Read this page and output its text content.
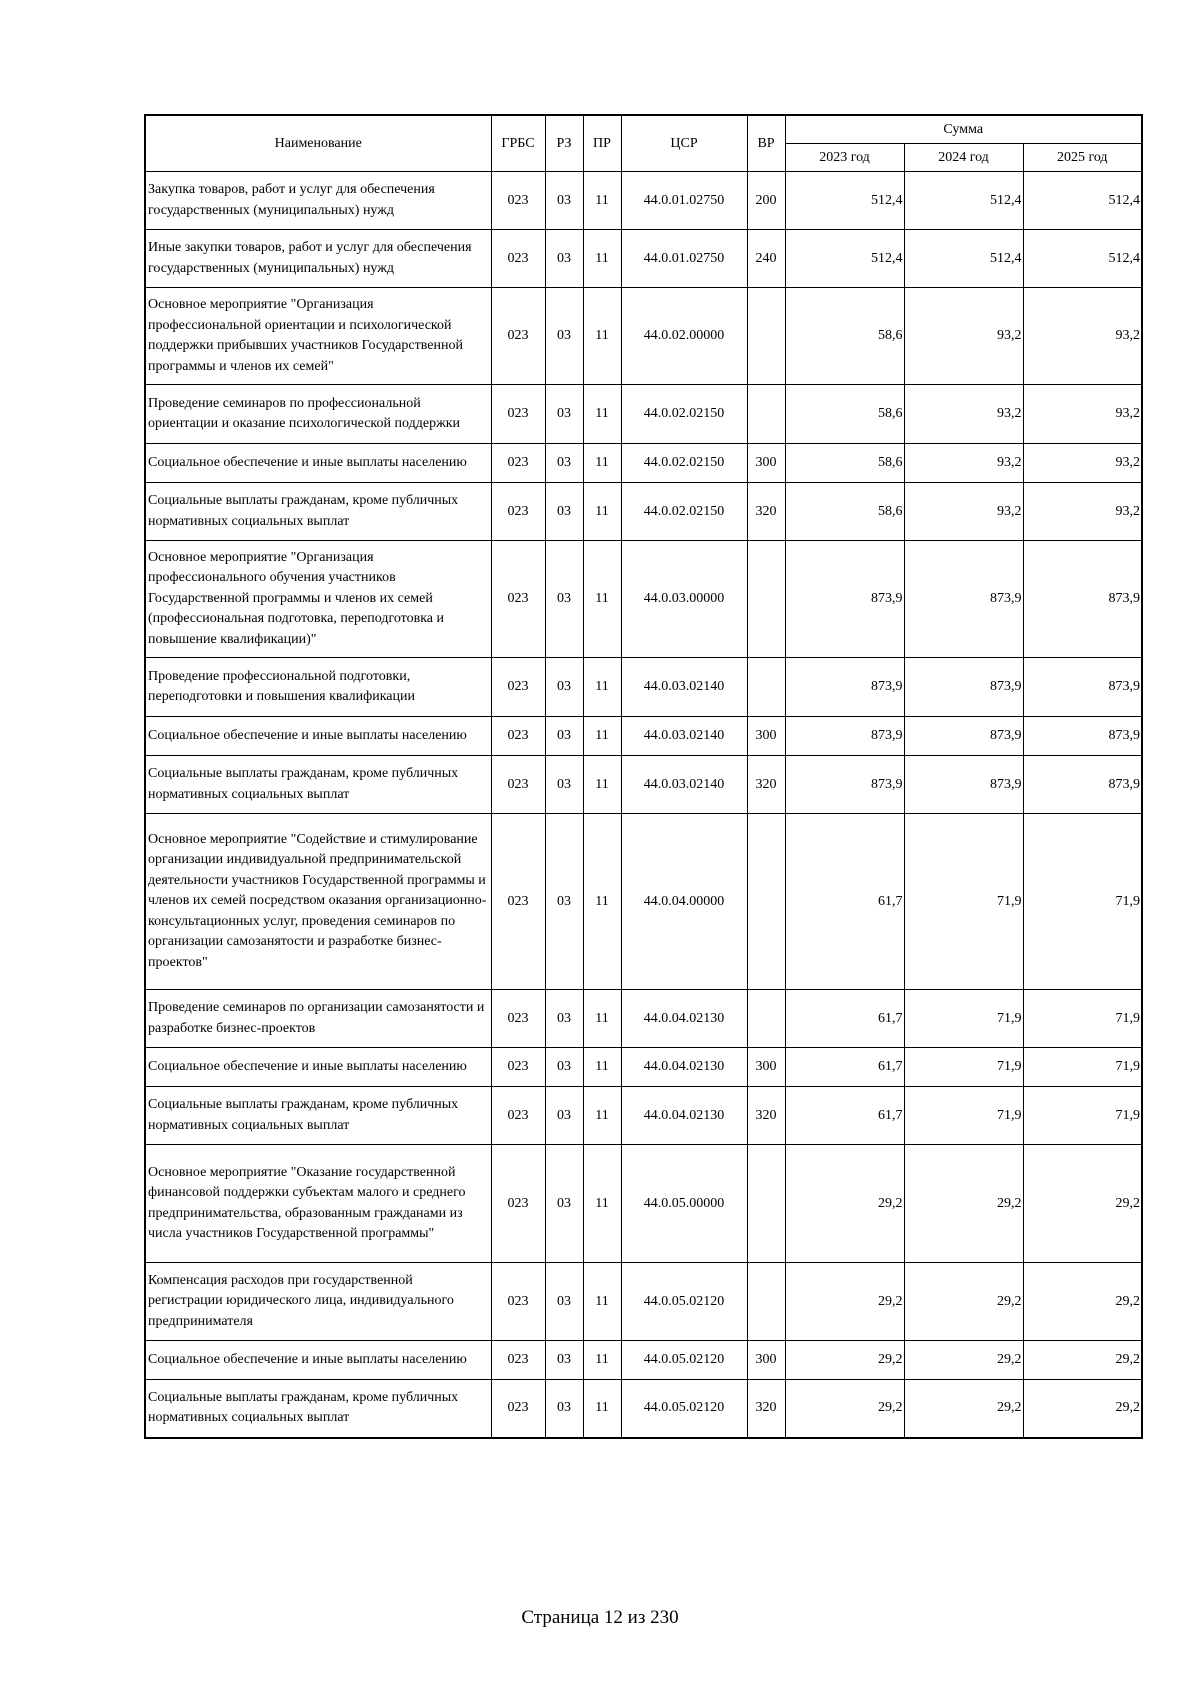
Наименование	ГРБС	РЗ	ПР	ЦСР	ВР	Сумма		
						2023 год	2024 год	2025 год
Закупка товаров, работ и услуг для обеспечения государственных (муниципальных) нужд	023	03	11	44.0.01.02750	200	512,4	512,4	512,4
Иные закупки товаров, работ и услуг для обеспечения государственных (муниципальных) нужд	023	03	11	44.0.01.02750	240	512,4	512,4	512,4
Основное мероприятие "Организация профессиональной ориентации и психологической поддержки прибывших участников Государственной программы и членов их семей"	023	03	11	44.0.02.00000		58,6	93,2	93,2
Проведение семинаров по профессиональной ориентации и оказание психологической поддержки	023	03	11	44.0.02.02150		58,6	93,2	93,2
Социальное обеспечение и иные выплаты населению	023	03	11	44.0.02.02150	300	58,6	93,2	93,2
Социальные выплаты гражданам, кроме публичных нормативных социальных выплат	023	03	11	44.0.02.02150	320	58,6	93,2	93,2
Основное мероприятие "Организация профессионального обучения участников Государственной программы и членов их семей (профессиональная подготовка, переподготовка и повышение квалификации)"	023	03	11	44.0.03.00000		873,9	873,9	873,9
Проведение профессиональной подготовки, переподготовки и повышения квалификации	023	03	11	44.0.03.02140		873,9	873,9	873,9
Социальное обеспечение и иные выплаты населению	023	03	11	44.0.03.02140	300	873,9	873,9	873,9
Социальные выплаты гражданам, кроме публичных нормативных социальных выплат	023	03	11	44.0.03.02140	320	873,9	873,9	873,9
Основное мероприятие "Содействие и стимулирование организации индивидуальной предпринимательской деятельности участников Государственной программы и членов их семей посредством оказания организационно-консультационных услуг, проведения семинаров по организации самозанятости и разработке бизнес-проектов"	023	03	11	44.0.04.00000		61,7	71,9	71,9
Проведение семинаров по организации самозанятости и разработке бизнес-проектов	023	03	11	44.0.04.02130		61,7	71,9	71,9
Социальное обеспечение и иные выплаты населению	023	03	11	44.0.04.02130	300	61,7	71,9	71,9
Социальные выплаты гражданам, кроме публичных нормативных социальных выплат	023	03	11	44.0.04.02130	320	61,7	71,9	71,9
Основное мероприятие "Оказание государственной финансовой поддержки субъектам малого и среднего предпринимательства, образованным гражданами из числа участников Государственной программы"	023	03	11	44.0.05.00000		29,2	29,2	29,2
Компенсация расходов при государственной регистрации юридического лица, индивидуального предпринимателя	023	03	11	44.0.05.02120		29,2	29,2	29,2
Социальное обеспечение и иные выплаты населению	023	03	11	44.0.05.02120	300	29,2	29,2	29,2
Социальные выплаты гражданам, кроме публичных нормативных социальных выплат	023	03	11	44.0.05.02120	320	29,2	29,2	29,2
Страница 12 из 230
